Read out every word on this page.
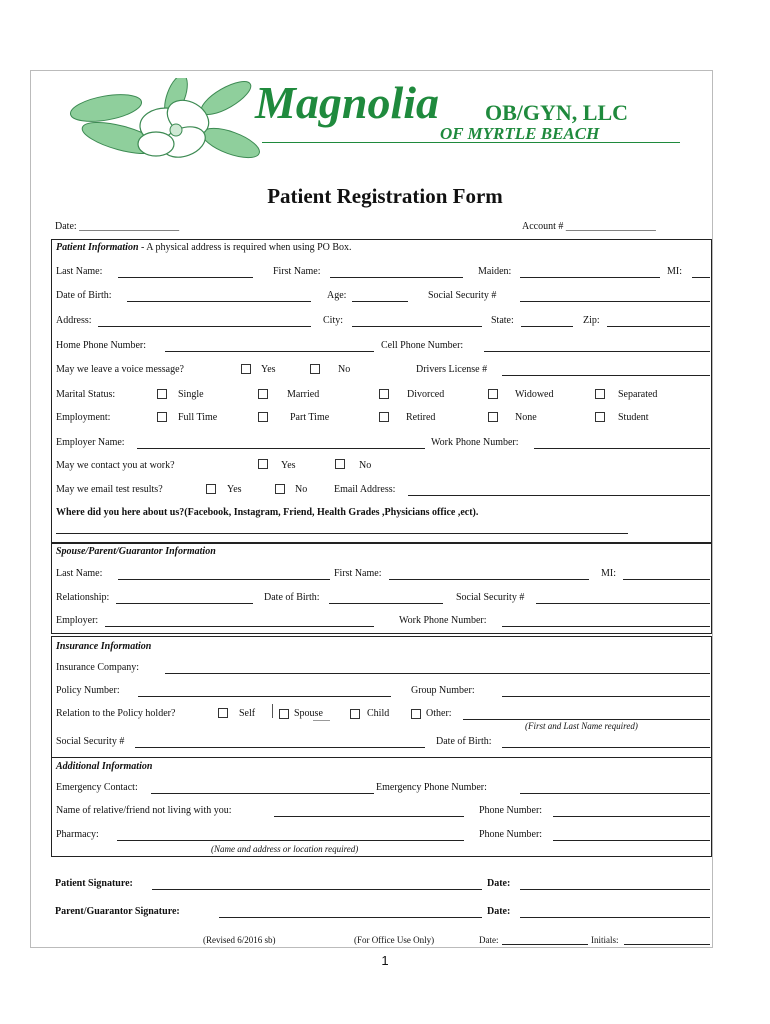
Magnolia OB/GYN, LLC
OF MYRTLE BEACH
Patient Registration Form
Date: ____________________	Account # __________________
Patient Information - A physical address is required when using PO Box.
Last Name:	First Name:	Maiden:	MI:
Date of Birth:	Age:	Social Security #
Address:	City:	State:	Zip:
Home Phone Number:	Cell Phone Number:
May we leave a voice message?	Yes	No	Drivers License #
Marital Status:	Single	Married	Divorced	Widowed	Separated
Employment:	Full Time	Part Time	Retired	None	Student
Employer Name:	Work Phone Number:
May we contact you at work?	Yes	No
May we email test results?	Yes	No	Email Address:
Where did you here about us?(Facebook, Instagram, Friend, Health Grades ,Physicians office ,ect).
Spouse/Parent/Guarantor Information
Last Name:	First Name:	MI:
Relationship:	Date of Birth:	Social Security #
Employer:	Work Phone Number:
Insurance Information
Insurance Company:
Policy Number:	Group Number:
Relation to the Policy holder?	Self	Spouse	Child	Other:
(First and Last Name required)
Social Security #	Date of Birth:
Additional Information
Emergency Contact:	Emergency Phone Number:
Name of relative/friend not living with you:	Phone Number:
Pharmacy:	Phone Number:
(Name and address or location required)
Patient Signature:	Date:
Parent/Guarantor Signature:	Date:
(Revised 6/2016 sb)	(For Office Use Only)	Date:	Initials:
1
